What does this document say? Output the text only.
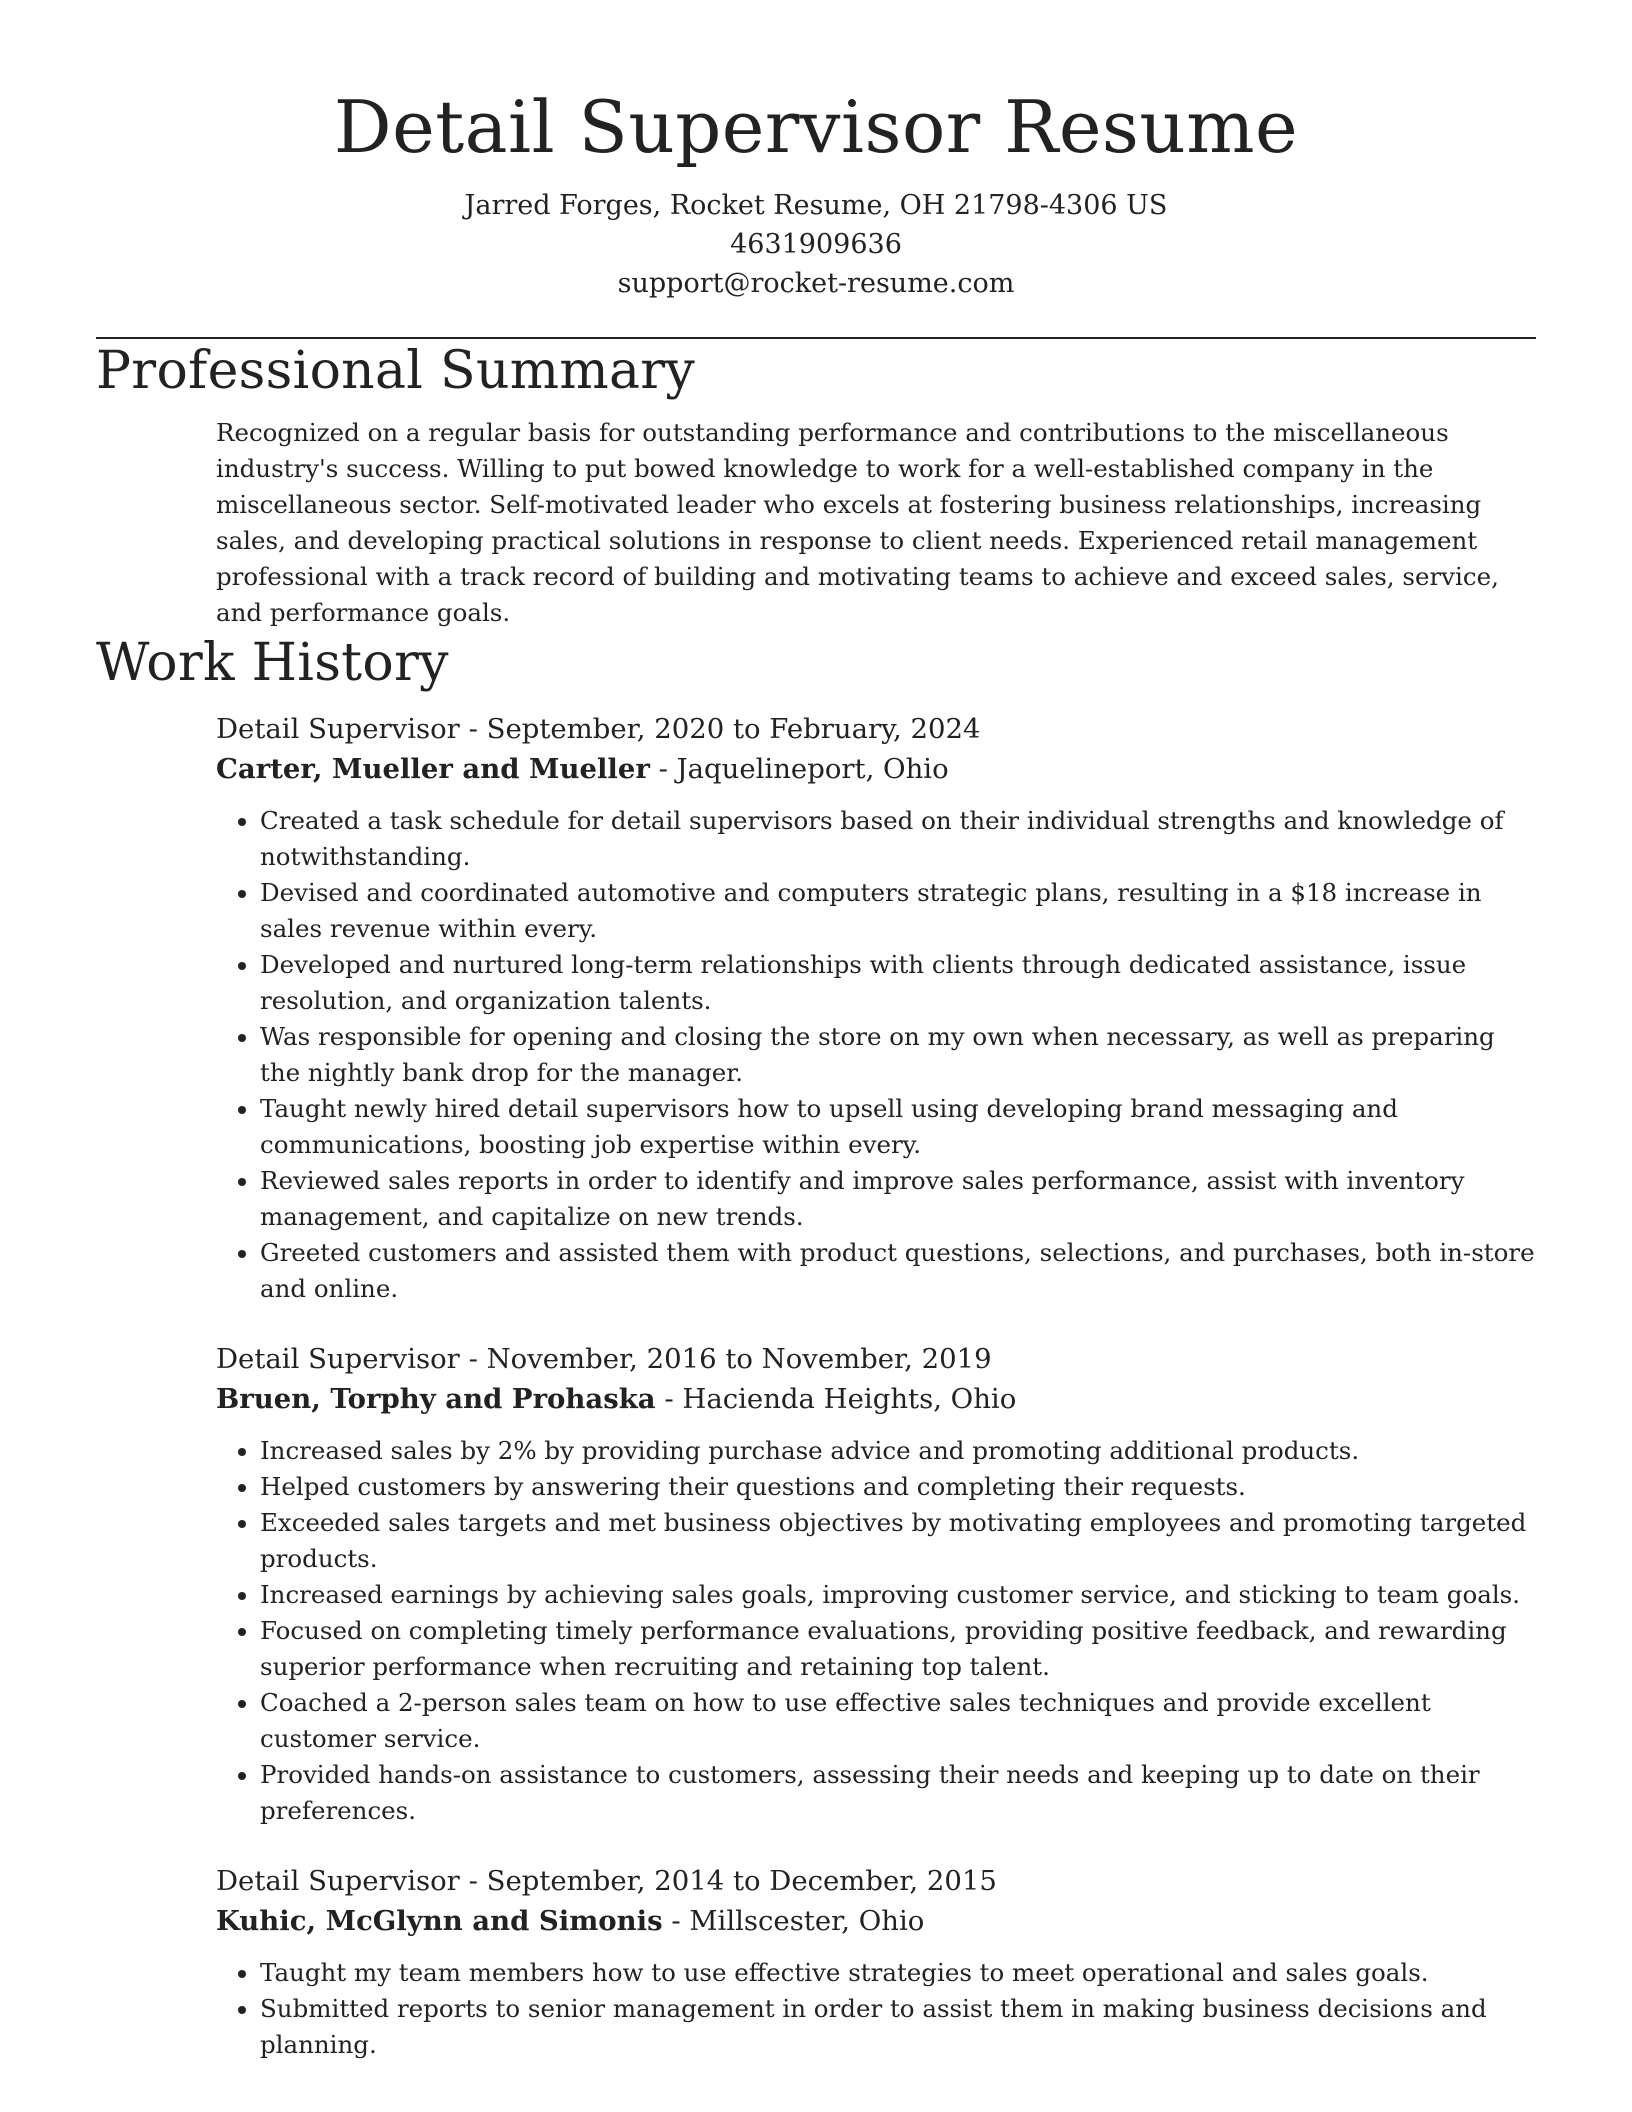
Detail Supervisor Resume
Jarred Forges, Rocket Resume, OH 21798-4306 US
4631909636
support@rocket-resume.com
Professional Summary

Recognized on a regular basis for outstanding performance and contributions to the miscellaneous industry's success. Willing to put bowed knowledge to work for a well-established company in the miscellaneous sector. Self-motivated leader who excels at fostering business relationships, increasing sales, and developing practical solutions in response to client needs. Experienced retail management professional with a track record of building and motivating teams to achieve and exceed sales, service, and performance goals.

Work History
Detail Supervisor - September, 2020 to February, 2024
Carter, Mueller and Mueller - Jaquelineport, Ohio
• Created a task schedule for detail supervisors based on their individual strengths and knowledge of notwithstanding.
• Devised and coordinated automotive and computers strategic plans, resulting in a $18 increase in sales revenue within every.
• Developed and nurtured long-term relationships with clients through dedicated assistance, issue resolution, and organization talents.
• Was responsible for opening and closing the store on my own when necessary, as well as preparing the nightly bank drop for the manager.
• Taught newly hired detail supervisors how to upsell using developing brand messaging and communications, boosting job expertise within every.
• Reviewed sales reports in order to identify and improve sales performance, assist with inventory management, and capitalize on new trends.
• Greeted customers and assisted them with product questions, selections, and purchases, both in-store and online.
Detail Supervisor - November, 2016 to November, 2019
Bruen, Torphy and Prohaska - Hacienda Heights, Ohio
• Increased sales by 2% by providing purchase advice and promoting additional products.
• Helped customers by answering their questions and completing their requests.
• Exceeded sales targets and met business objectives by motivating employees and promoting targeted products.
• Increased earnings by achieving sales goals, improving customer service, and sticking to team goals.
• Focused on completing timely performance evaluations, providing positive feedback, and rewarding superior performance when recruiting and retaining top talent.
• Coached a 2-person sales team on how to use effective sales techniques and provide excellent customer service.
• Provided hands-on assistance to customers, assessing their needs and keeping up to date on their preferences.
Detail Supervisor - September, 2014 to December, 2015
Kuhic, McGlynn and Simonis - Millscester, Ohio
• Taught my team members how to use effective strategies to meet operational and sales goals.
• Submitted reports to senior management in order to assist them in making business decisions and planning.
